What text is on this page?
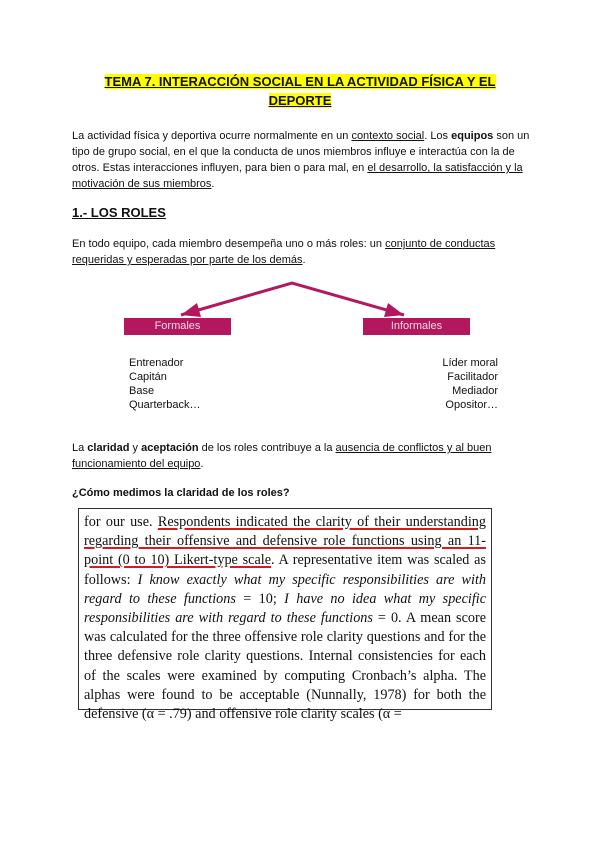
TEMA 7. INTERACCIÓN SOCIAL EN LA ACTIVIDAD FÍSICA Y EL
DEPORTE

La actividad física y deportiva ocurre normalmente en un contexto social. Los equipos son un tipo de grupo social, en el que la conducta de unos miembros influye e interactúa con la de otros. Estas interacciones influyen, para bien o para mal, en el desarrollo, la satisfacción y la motivación de sus miembros.

1.- LOS ROLES

En todo equipo, cada miembro desempeña uno o más roles: un conjunto de conductas requeridas y esperadas por parte de los demás.

Formales	Informales
Entrenador
Capitán
Base
Quarterback…
Líder moral
Facilitador
Mediador
Opositor…

La claridad y aceptación de los roles contribuye a la ausencia de conflictos y al buen funcionamiento del equipo.

¿Cómo medimos la claridad de los roles?

for our use. Respondents indicated the clarity of their understanding regarding their offensive and defensive role functions using an 11-point (0 to 10) Likert-type scale. A representative item was scaled as follows: I know exactly what my specific responsibilities are with regard to these functions = 10; I have no idea what my specific responsibilities are with regard to these functions = 0. A mean score was calculated for the three offensive role clarity questions and for the three defensive role clarity questions. Internal consistencies for each of the scales were examined by computing Cronbach’s alpha. The alphas were found to be acceptable (Nunnally, 1978) for both the defensive (α = .79) and offensive role clarity scales (α =
